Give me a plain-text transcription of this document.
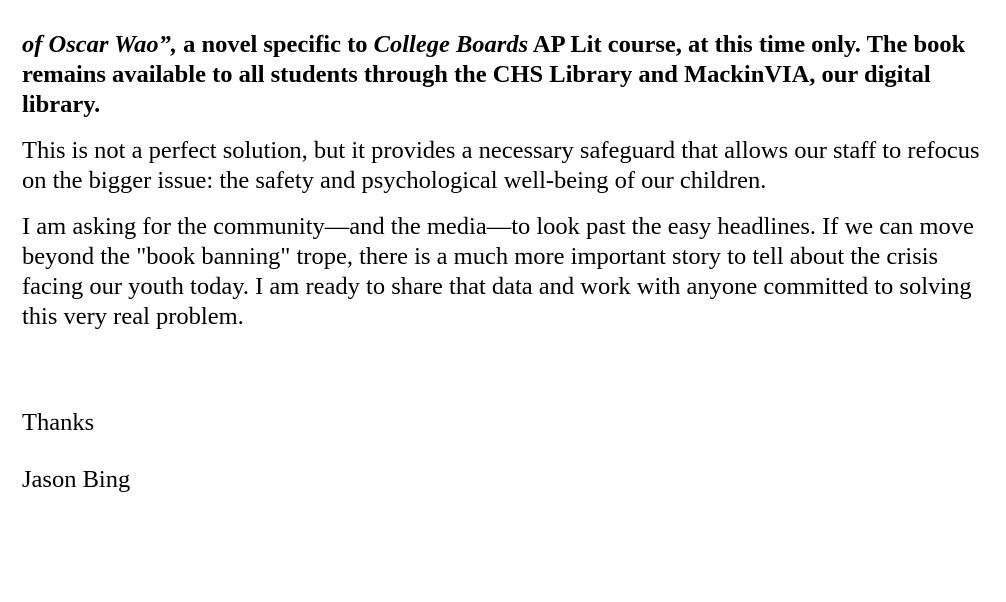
of Oscar Wao”, a novel specific to College Boards AP Lit course, at this time only. The book remains available to all students through the CHS Library and MackinVIA, our digital library.

This is not a perfect solution, but it provides a necessary safeguard that allows our staff to refocus on the bigger issue: the safety and psychological well-being of our children.

I am asking for the community—and the media—to look past the easy headlines. If we can move beyond the "book banning" trope, there is a much more important story to tell about the crisis facing our youth today. I am ready to share that data and work with anyone committed to solving this very real problem.

Thanks

Jason Bing
